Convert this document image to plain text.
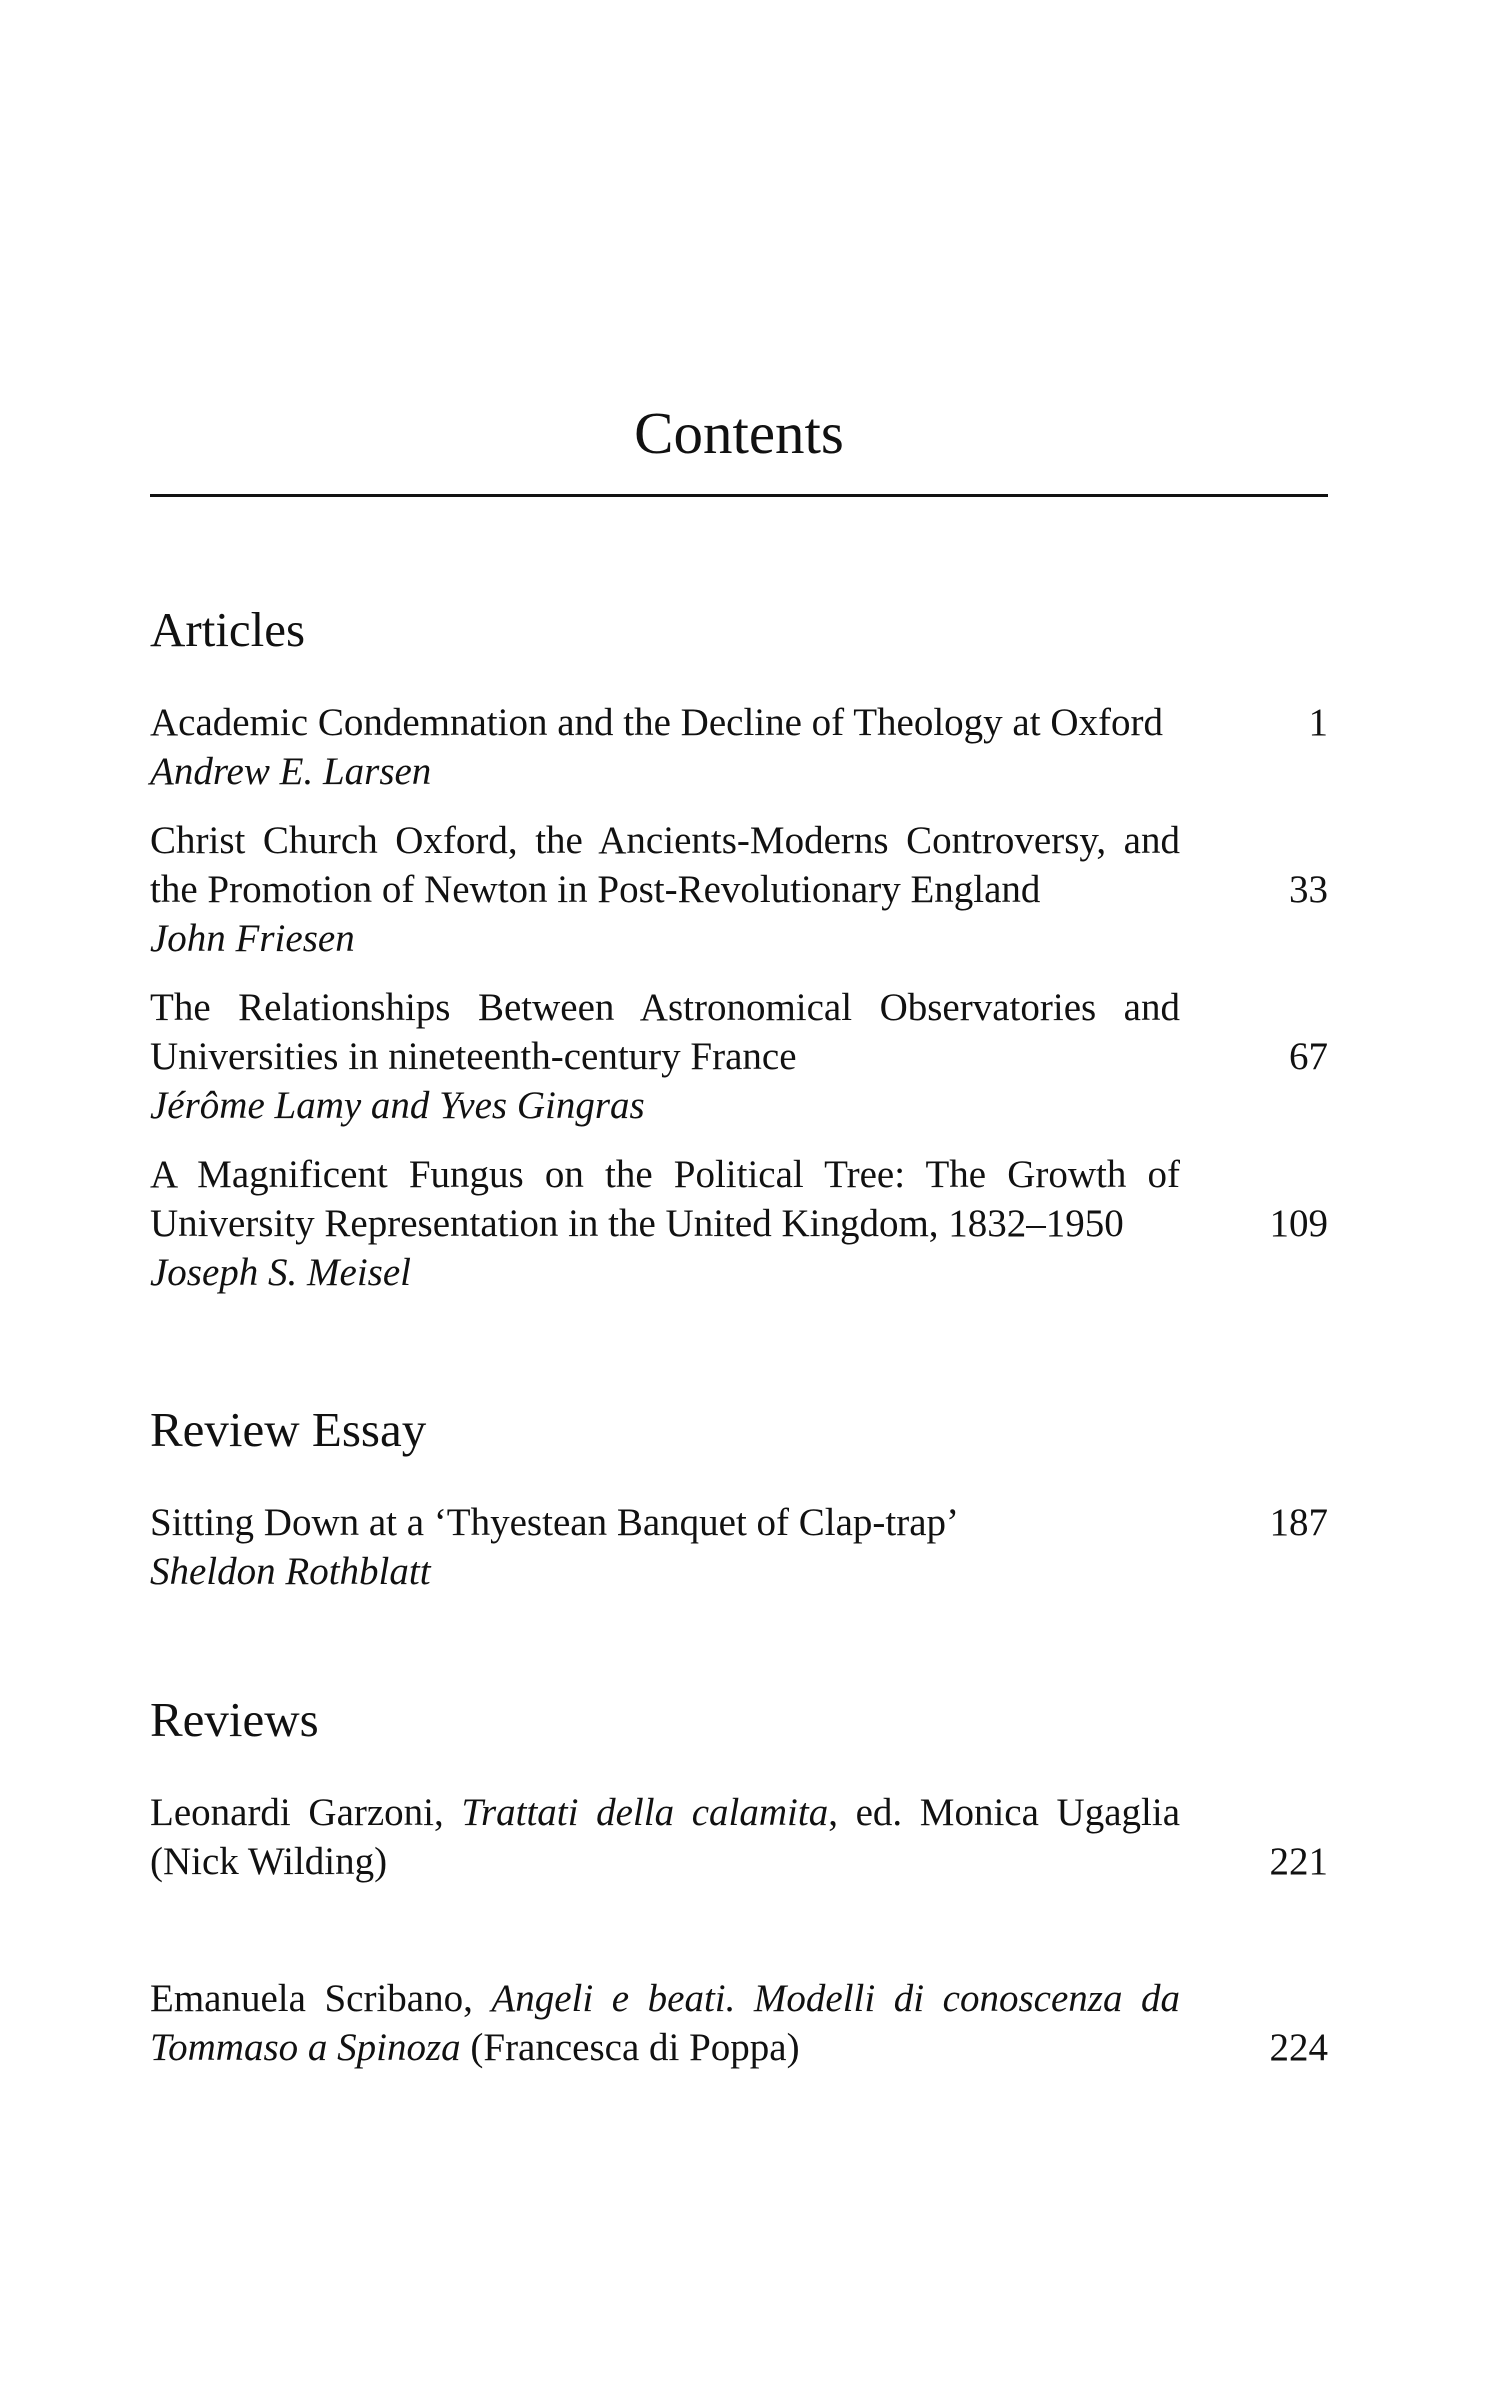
Contents
Articles
Academic Condemnation and the Decline of Theology at Oxford
Andrew E. Larsen
1
Christ Church Oxford, the Ancients-Moderns Controversy, and the Promotion of Newton in Post-Revolutionary England
John Friesen
33
The Relationships Between Astronomical Observatories and Universities in nineteenth-century France
Jérôme Lamy and Yves Gingras
67
A Magnificent Fungus on the Political Tree: The Growth of University Representation in the United Kingdom, 1832–1950
Joseph S. Meisel
109
Review Essay
Sitting Down at a ‘Thyestean Banquet of Clap-trap’
Sheldon Rothblatt
187
Reviews
Leonardi Garzoni, Trattati della calamita, ed. Monica Ugaglia (Nick Wilding)	221
Emanuela Scribano, Angeli e beati. Modelli di conoscenza da Tommaso a Spinoza (Francesca di Poppa)	224
